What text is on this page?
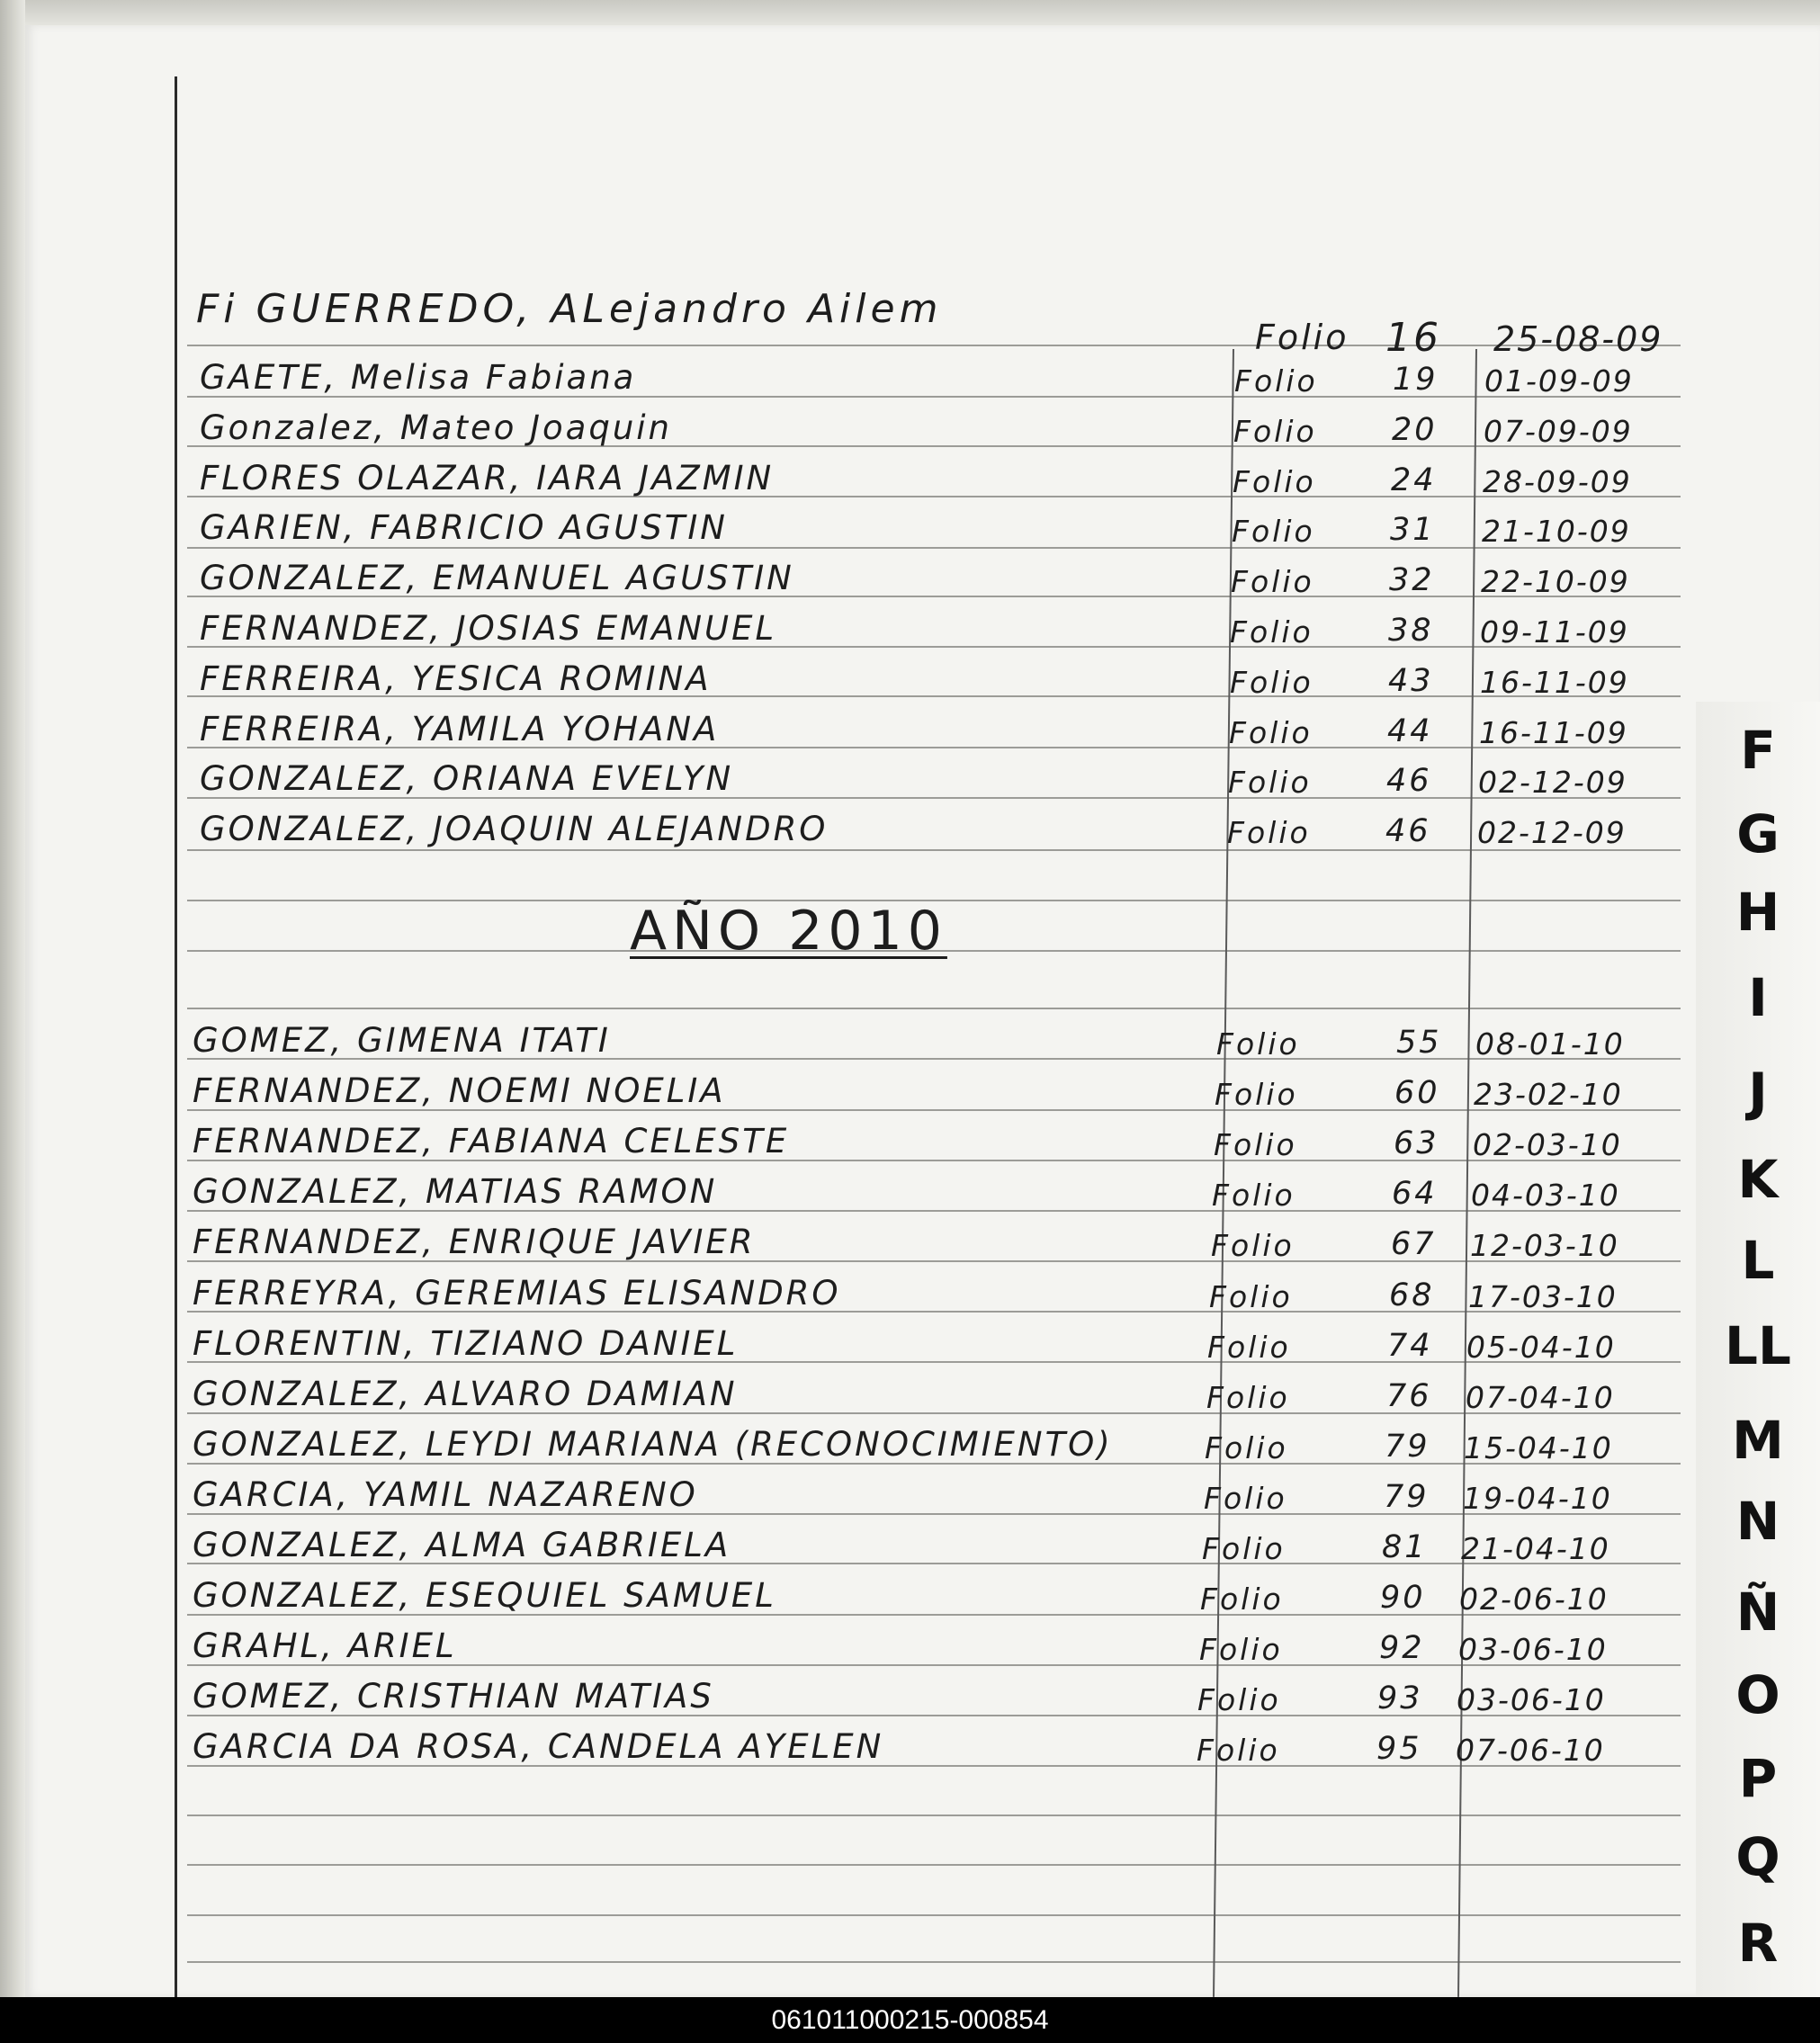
Fi GUERREDO, ALejandro Ailem
Folio 16 25-08-09
GAETE, Melisa Fabiana	Folio 19 01-09-09
Gonzalez, Mateo Joaquin	Folio 20 07-09-09
FLORES OLAZAR, IARA JAZMIN	Folio 24 28-09-09
GARIEN, FABRICIO AGUSTIN	Folio 31 21-10-09
GONZALEZ, EMANUEL AGUSTIN	Folio 32 22-10-09
FERNANDEZ, JOSIAS EMANUEL	Folio 38 09-11-09
FERREIRA, YESICA ROMINA	Folio 43 16-11-09
FERREIRA, YAMILA YOHANA	Folio 44 16-11-09
GONZALEZ, ORIANA EVELYN	Folio 46 02-12-09
GONZALEZ, JOAQUIN ALEJANDRO	Folio 46 02-12-09
AÑO 2010
GOMEZ, GIMENA ITATI	Folio	55 08-01-10
FERNANDEZ, NOEMI NOELIA	Folio	60 23-02-10
FERNANDEZ, FABIANA CELESTE	Folio	63 02-03-10
GONZALEZ, MATIAS RAMON	Folio	64 04-03-10
FERNANDEZ, ENRIQUE JAVIER	Folio	67 12-03-10
FERREYRA, GEREMIAS ELISANDRO	Folio	68 17-03-10
FLORENTIN, TIZIANO DANIEL	Folio	74 05-04-10
GONZALEZ, ALVARO DAMIAN	Folio	76 07-04-10
GONZALEZ, LEYDI MARIANA (RECONOCIMIENTO)	Folio	79 15-04-10
GARCIA, YAMIL NAZARENO	Folio	79 19-04-10
GONZALEZ, ALMA GABRIELA	Folio	81 21-04-10
GONZALEZ, ESEQUIEL SAMUEL	Folio	90 02-06-10
GRAHL, ARIEL	Folio	92 03-06-10
GOMEZ, CRISTHIAN MATIAS	Folio	93 03-06-10
GARCIA DA ROSA, CANDELA AYELEN	Folio	95 07-06-10
F
G
H
I
J
K
L
LL
M
N
Ñ
O
P
Q
R
061011000215-000854
